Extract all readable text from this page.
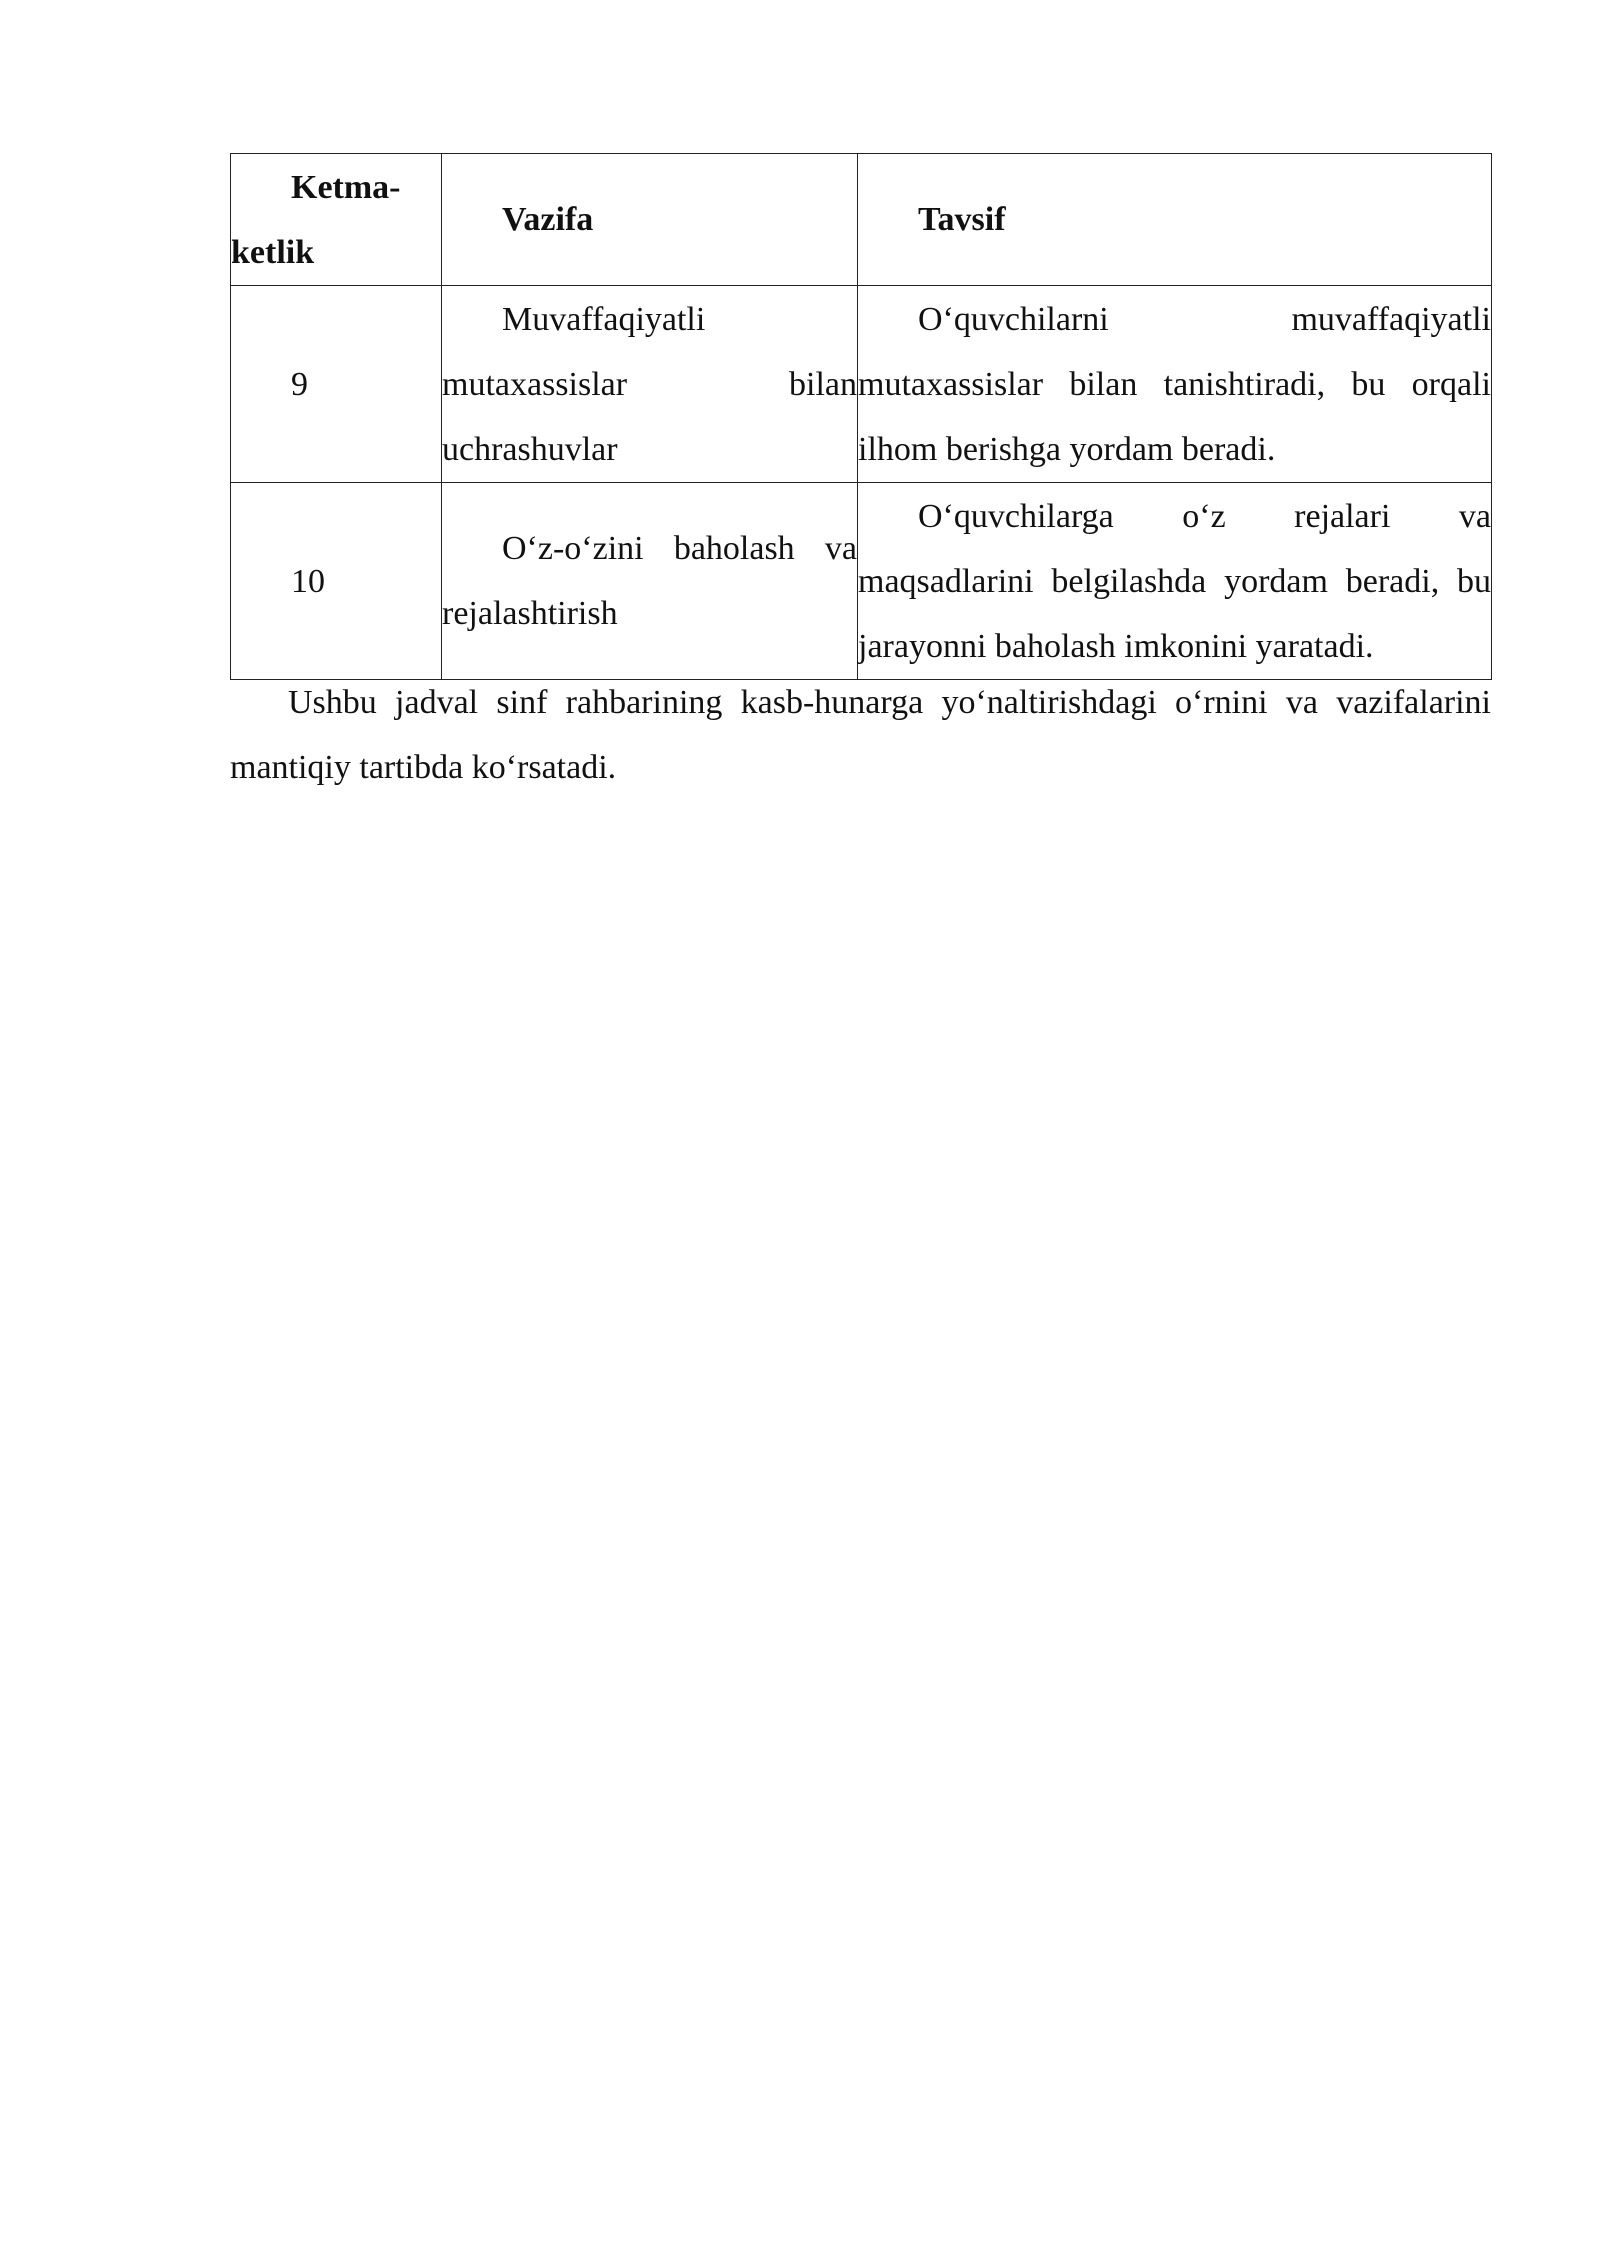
Ketma-ketlik	Vazifa	Tavsif

9	Muvaffaqiyatli mutaxassislar bilan uchrashuvlar	O‘quvchilarni muvaffaqiyatli mutaxassislar bilan tanishtiradi, bu orqali ilhom berishga yordam beradi.

10	O‘z-o‘zini baholash va rejalashtirish	O‘quvchilarga o‘z rejalari va maqsadlarini belgilashda yordam beradi, bu jarayonni baholash imkonini yaratadi.

Ushbu jadval sinf rahbarining kasb-hunarga yo‘naltirishdagi o‘rnini va vazifalarini mantiqiy tartibda ko‘rsatadi.
